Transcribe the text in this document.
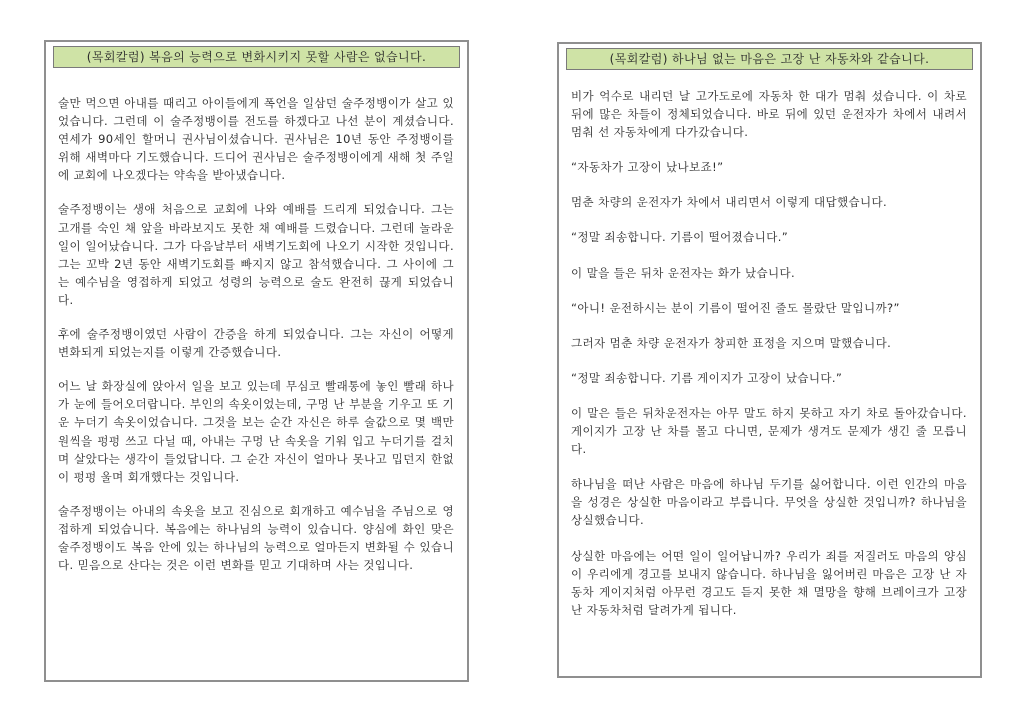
(목회칼럼) 복음의 능력으로 변화시키지 못할 사람은 없습니다.

술만 먹으면 아내를 때리고 아이들에게 폭언을 일삼던 술주정뱅이가 살고 있었습니다. 그런데 이 술주정뱅이를 전도를 하겠다고 나선 분이 계셨습니다. 연세가 90세인 할머니 권사님이셨습니다. 권사님은 10년 동안 주정뱅이를 위해 새벽마다 기도했습니다. 드디어 권사님은 술주정뱅이에게 새해 첫 주일에 교회에 나오겠다는 약속을 받아냈습니다.

술주정뱅이는 생애 처음으로 교회에 나와 예배를 드리게 되었습니다. 그는 고개를 숙인 채 앞을 바라보지도 못한 채 예배를 드렸습니다. 그런데 놀라운 일이 일어났습니다. 그가 다음날부터 새벽기도회에 나오기 시작한 것입니다. 그는 꼬박 2년 동안 새벽기도회를 빠지지 않고 참석했습니다. 그 사이에 그는 예수님을 영접하게 되었고 성령의 능력으로 술도 완전히 끊게 되었습니다.

후에 술주정뱅이였던 사람이 간증을 하게 되었습니다. 그는 자신이 어떻게 변화되게 되었는지를 이렇게 간증했습니다.

어느 날 화장실에 앉아서 일을 보고 있는데 무심코 빨래통에 놓인 빨래 하나가 눈에 들어오더랍니다. 부인의 속옷이었는데, 구멍 난 부분을 기우고 또 기운 누더기 속옷이었습니다. 그것을 보는 순간 자신은 하루 술값으로 몇 백만 원씩을 펑펑 쓰고 다닐 때, 아내는 구멍 난 속옷을 기워 입고 누더기를 걸치며 살았다는 생각이 들었답니다. 그 순간 자신이 얼마나 못나고 밉던지 한없이 펑펑 울며 회개했다는 것입니다.

술주정뱅이는 아내의 속옷을 보고 진심으로 회개하고 예수님을 주님으로 영접하게 되었습니다. 복음에는 하나님의 능력이 있습니다. 양심에 화인 맞은 술주정뱅이도 복음 안에 있는 하나님의 능력으로 얼마든지 변화될 수 있습니다. 믿음으로 산다는 것은 이런 변화를 믿고 기대하며 사는 것입니다.

(목회칼럼) 하나님 없는 마음은 고장 난 자동차와 같습니다.

비가 억수로 내리던 날 고가도로에 자동차 한 대가 멈춰 섰습니다. 이 차로 뒤에 많은 차들이 정체되었습니다. 바로 뒤에 있던 운전자가 차에서 내려서 멈춰 선 자동차에게 다가갔습니다.

“자동차가 고장이 났나보죠!”

멈춘 차량의 운전자가 차에서 내리면서 이렇게 대답했습니다.

“정말 죄송합니다. 기름이 떨어졌습니다.”

이 말을 들은 뒤차 운전자는 화가 났습니다.

“아니! 운전하시는 분이 기름이 떨어진 줄도 몰랐단 말입니까?”

그러자 멈춘 차량 운전자가 창피한 표정을 지으며 말했습니다.

“정말 죄송합니다. 기름 게이지가 고장이 났습니다.”

이 말은 들은 뒤차운전자는 아무 말도 하지 못하고 자기 차로 돌아갔습니다. 게이지가 고장 난 차를 몰고 다니면, 문제가 생겨도 문제가 생긴 줄 모릅니다.

하나님을 떠난 사람은 마음에 하나님 두기를 싫어합니다. 이런 인간의 마음을 성경은 상실한 마음이라고 부릅니다. 무엇을 상실한 것입니까? 하나님을 상실했습니다.

상실한 마음에는 어떤 일이 일어납니까? 우리가 죄를 저질러도 마음의 양심이 우리에게 경고를 보내지 않습니다. 하나님을 잃어버린 마음은 고장 난 자동차 게이지처럼 아무런 경고도 듣지 못한 채 멸망을 향해 브레이크가 고장 난 자동차처럼 달려가게 됩니다.
